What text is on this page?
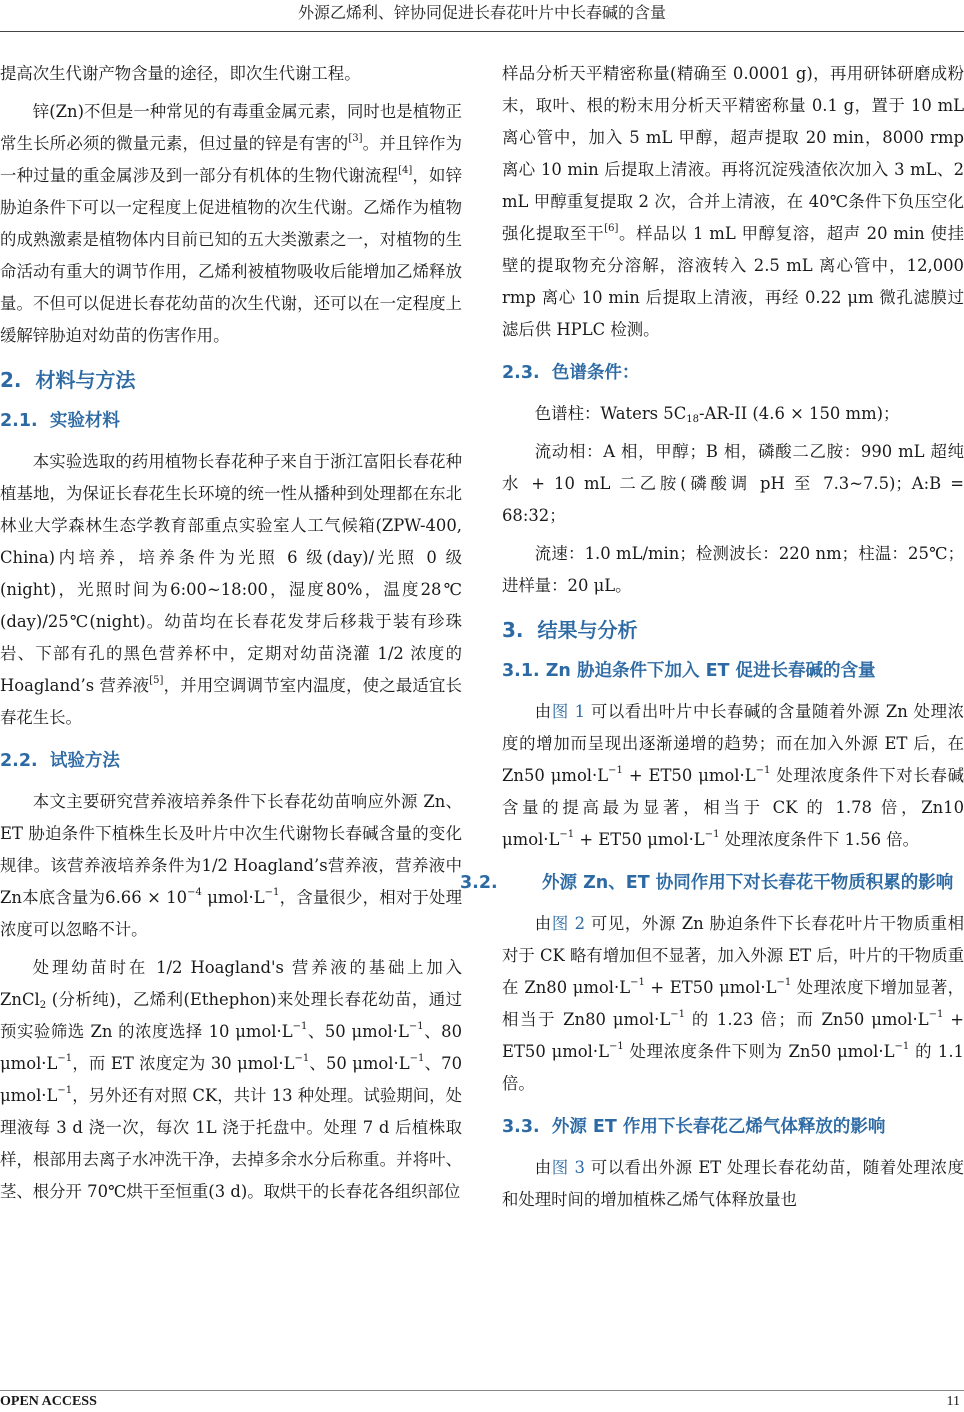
外源乙烯利、锌协同促进长春花叶片中长春碱的含量

提高次生代谢产物含量的途径，即次生代谢工程。

锌(Zn)不但是一种常见的有毒重金属元素，同时也是植物正常生长所必须的微量元素，但过量的锌是有害的[3]。并且锌作为一种过量的重金属涉及到一部分有机体的生物代谢流程[4]，如锌胁迫条件下可以一定程度上促进植物的次生代谢。乙烯作为植物的成熟激素是植物体内目前已知的五大类激素之一，对植物的生命活动有重大的调节作用，乙烯利被植物吸收后能增加乙烯释放量。不但可以促进长春花幼苗的次生代谢，还可以在一定程度上缓解锌胁迫对幼苗的伤害作用。

2. 材料与方法
2.1. 实验材料

本实验选取的药用植物长春花种子来自于浙江富阳长春花种植基地，为保证长春花生长环境的统一性从播种到处理都在东北林业大学森林生态学教育部重点实验室人工气候箱(ZPW-400, China)内培养，培养条件为光照 6 级(day)/光照 0 级(night)，光照时间为6:00~18:00，湿度80%，温度28℃(day)/25℃(night)。幼苗均在长春花发芽后移栽于装有珍珠岩、下部有孔的黑色营养杯中，定期对幼苗浇灌 1/2 浓度的Hoagland’s 营养液[5]，并用空调调节室内温度，使之最适宜长春花生长。

2.2. 试验方法

本文主要研究营养液培养条件下长春花幼苗响应外源 Zn、ET 胁迫条件下植株生长及叶片中次生代谢物长春碱含量的变化规律。该营养液培养条件为1/2 Hoagland’s营养液，营养液中Zn本底含量为$6.66 \times 10^{-4}$ $\mu mol\cdot L^{-1}$，含量很少，相对于处理浓度可以忽略不计。

处理幼苗时在 1/2 Hoagland's 营养液的基础上加入 ZnCl$_2$ (分析纯)，乙烯利(Ethephon)来处理长春花幼苗，通过预实验筛选 Zn 的浓度选择 10 $\mu mol\cdot L^{-1}$、50 $\mu mol\cdot L^{-1}$、80 $\mu mol\cdot L^{-1}$，而 ET 浓度定为 30 $\mu mol\cdot L^{-1}$、50 $\mu mol\cdot L^{-1}$、70 $\mu mol\cdot L^{-1}$，另外还有对照 CK，共计 13 种处理。试验期间，处理液每 3 d 浇一次，每次 1L 浇于托盘中。处理 7 d 后植株取样，根部用去离子水冲洗干净，去掉多余水分后称重。并将叶、茎、根分开 70℃烘干至恒重(3 d)。取烘干的长春花各组织部位

样品分析天平精密称量(精确至 0.0001 g)，再用研钵研磨成粉末，取叶、根的粉末用分析天平精密称量 0.1 g，置于 10 mL 离心管中，加入 5 mL 甲醇，超声提取 20 min，8000 rmp 离心 10 min 后提取上清液。再将沉淀残渣依次加入 3 mL、2 mL 甲醇重复提取 2 次，合并上清液，在 40℃条件下负压空化强化提取至干[6]。样品以 1 mL 甲醇复溶，超声 20 min 使挂壁的提取物充分溶解，溶液转入 2.5 mL 离心管中，12,000 rmp 离心 10 min 后提取上清液，再经 0.22 μm 微孔滤膜过滤后供 HPLC 检测。

2.3. 色谱条件：

色谱柱：Waters $5C_{18}-AR-II$ (4.6 × 150 mm)；

流动相：A 相，甲醇；B 相，磷酸二乙胺：990 mL 超纯水 + 10 mL 二乙胺(磷酸调 pH 至 7.3~7.5)；A:B = 68:32；

流速：1.0 mL/min；检测波长：220 nm；柱温：25℃；进样量：20 μL。

3. 结果与分析
3.1. Zn 胁迫条件下加入 ET 促进长春碱的含量

由图 1 可以看出叶片中长春碱的含量随着外源 Zn 处理浓度的增加而呈现出逐渐递增的趋势；而在加入外源 ET 后，在 Zn50 $\mu mol\cdot L^{-1} + ET50$ $\mu mol\cdot L^{-1}$ 处理浓度条件下对长春碱含量的提高最为显著，相当于 CK 的 1.78 倍，Zn10 $\mu mol\cdot L^{-1} + ET50$ $\mu mol\cdot L^{-1}$ 处理浓度条件下 1.56 倍。

3.2.	外源 Zn、ET 协同作用下对长春花干物质积累的影响

由图 2 可见，外源 Zn 胁迫条件下长春花叶片干物质重相对于 CK 略有增加但不显著，加入外源 ET 后，叶片的干物质重在 Zn80 $\mu mol\cdot L^{-1} + ET50$ $\mu mol\cdot L^{-1}$ 处理浓度下增加显著，相当于 Zn80 $\mu mol\cdot L^{-1}$ 的 1.23 倍；而 Zn50 $\mu mol\cdot L^{-1} + ET50$ $\mu mol\cdot L^{-1}$ 处理浓度条件下则为 Zn50 $\mu mol\cdot L^{-1}$ 的 1.1 倍。

3.3. 外源 ET 作用下长春花乙烯气体释放的影响

由图 3 可以看出外源 ET 处理长春花幼苗，随着处理浓度和处理时间的增加植株乙烯气体释放量也

OPEN ACCESS	11
